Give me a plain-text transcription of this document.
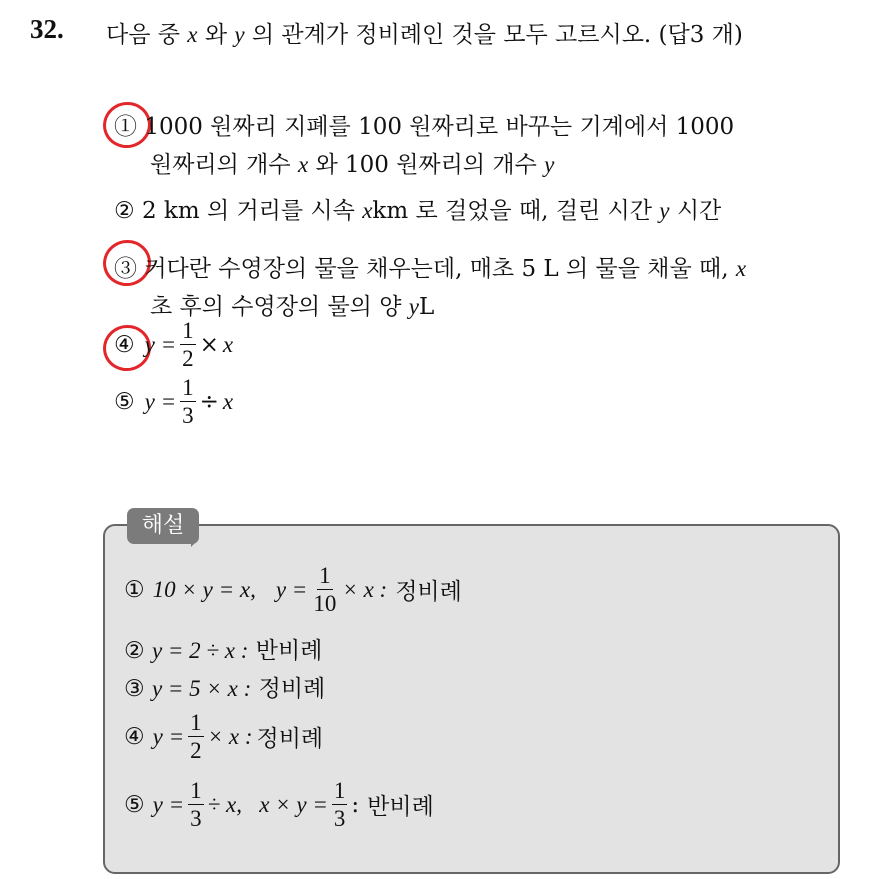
32. 다음 중 x 와 y 의 관계가 정비례인 것을 모두 고르시오. (답3 개)
① 1000 원짜리 지폐를 100 원짜리로 바꾸는 기계에서 1000
원짜리의 개수 x 와 100 원짜리의 개수 y
② 2 km 의 거리를 시속 xkm 로 걸었을 때, 걸린 시간 y 시간
③ 커다란 수영장의 물을 채우는데, 매초 5 L 의 물을 채울 때, x
초 후의 수영장의 물의 양 yL
④ $y = \frac{1}{2} \times x$
⑤ $y = \frac{1}{3} \div x$
해설
① 10 × y = x, $y = \frac{1}{10} \times x$ : 정비례
② y = 2 ÷ x : 반비례
③ y = 5 × x : 정비례
④ $y = \frac{1}{2} \times x$ : 정비례
⑤ $y = \frac{1}{3} \div x$,   $x \times y = \frac{1}{3}$ : 반비례
